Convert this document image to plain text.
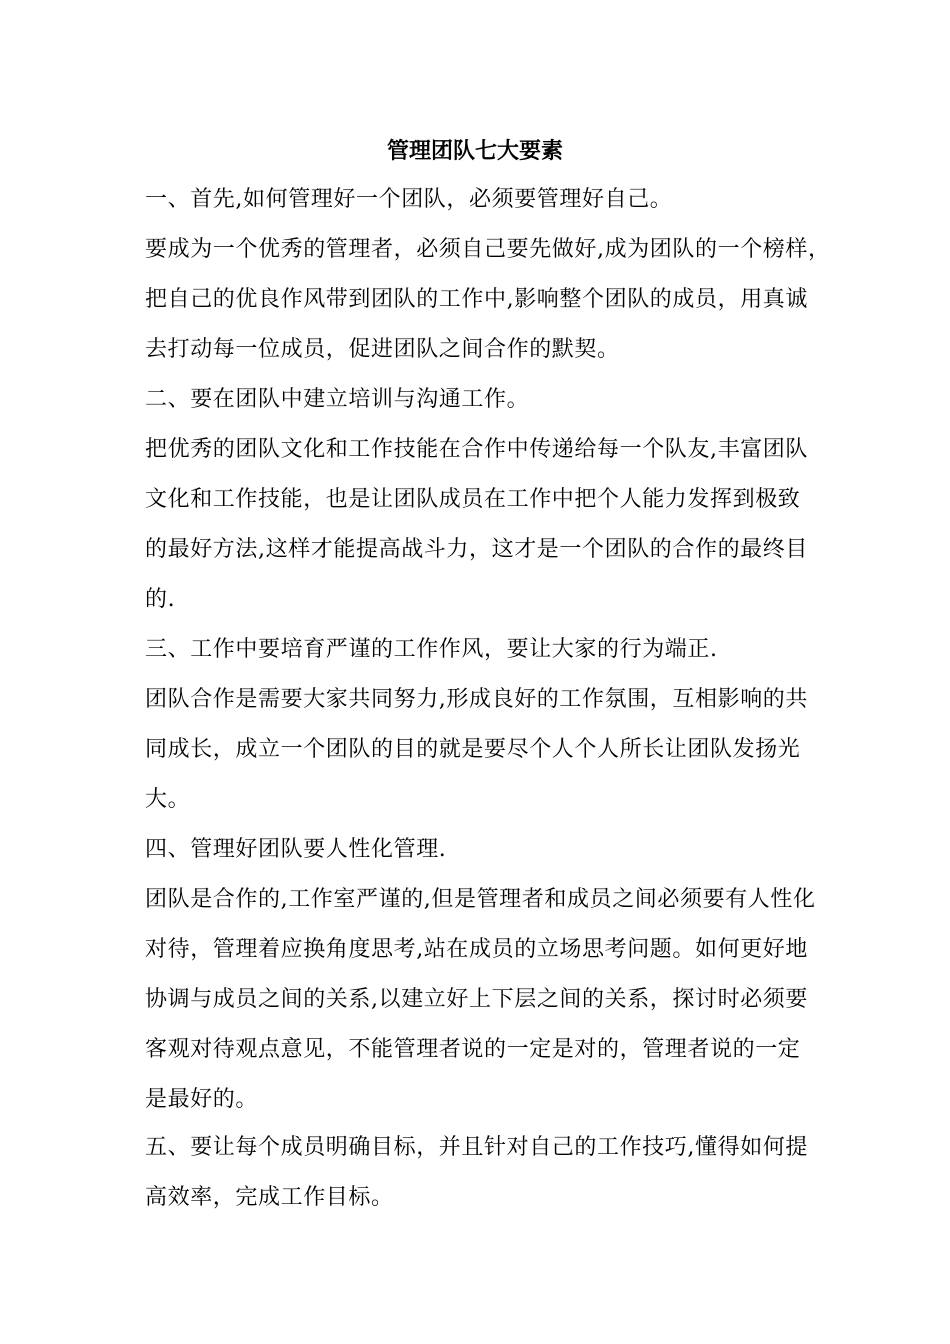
管理团队七大要素
一、首先,如何管理好一个团队，必须要管理好自己。
要成为一个优秀的管理者，必须自己要先做好,成为团队的一个榜样，
把自己的优良作风带到团队的工作中,影响整个团队的成员，用真诚
去打动每一位成员，促进团队之间合作的默契。
二、要在团队中建立培训与沟通工作。
把优秀的团队文化和工作技能在合作中传递给每一个队友,丰富团队
文化和工作技能，也是让团队成员在工作中把个人能力发挥到极致
的最好方法,这样才能提高战斗力，这才是一个团队的合作的最终目
的.
三、工作中要培育严谨的工作作风，要让大家的行为端正.
团队合作是需要大家共同努力,形成良好的工作氛围，互相影响的共
同成长，成立一个团队的目的就是要尽个人个人所长让团队发扬光
大。
四、管理好团队要人性化管理.
团队是合作的,工作室严谨的,但是管理者和成员之间必须要有人性化
对待，管理着应换角度思考,站在成员的立场思考问题。如何更好地
协调与成员之间的关系,以建立好上下层之间的关系，探讨时必须要
客观对待观点意见，不能管理者说的一定是对的，管理者说的一定
是最好的。
五、要让每个成员明确目标，并且针对自己的工作技巧,懂得如何提
高效率，完成工作目标。
